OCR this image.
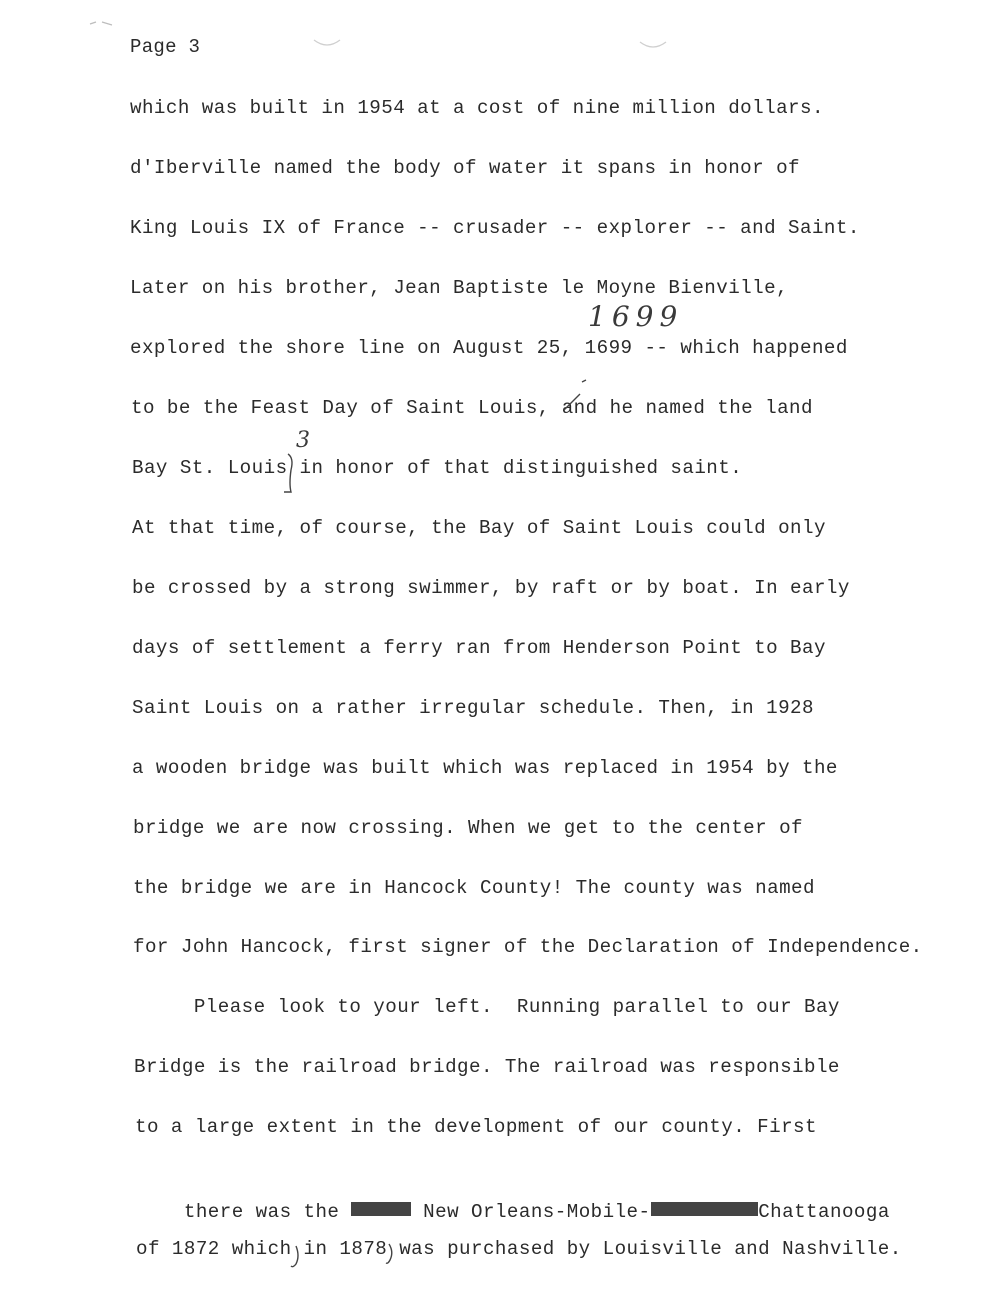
Page 3
which was built in 1954 at a cost of nine million dollars.
d'Iberville named the body of water it spans in honor of
King Louis IX of France -- crusader -- explorer -- and Saint.
Later on his brother, Jean Baptiste le Moyne Bienville,
explored the shore line on August 25, 1699 -- which happened
to be the Feast Day of Saint Louis, and he named the land
Bay St. Louis in honor of that distinguished saint.
At that time, of course, the Bay of Saint Louis could only
be crossed by a strong swimmer, by raft or by boat. In early
days of settlement a ferry ran from Henderson Point to Bay
Saint Louis on a rather irregular schedule. Then, in 1928
a wooden bridge was built which was replaced in 1954 by the
bridge we are now crossing. When we get to the center of
the bridge we are in Hancock County! The county was named
for John Hancock, first signer of the Declaration of Independence.
Please look to your left.  Running parallel to our Bay
Bridge is the railroad bridge. The railroad was responsible
to a large extent in the development of our county. First

there was the	New Orleans-Mobile-	Chattanooga

of 1872 which in 1878 was purchased by Louisville and Nashville.
1699
3
